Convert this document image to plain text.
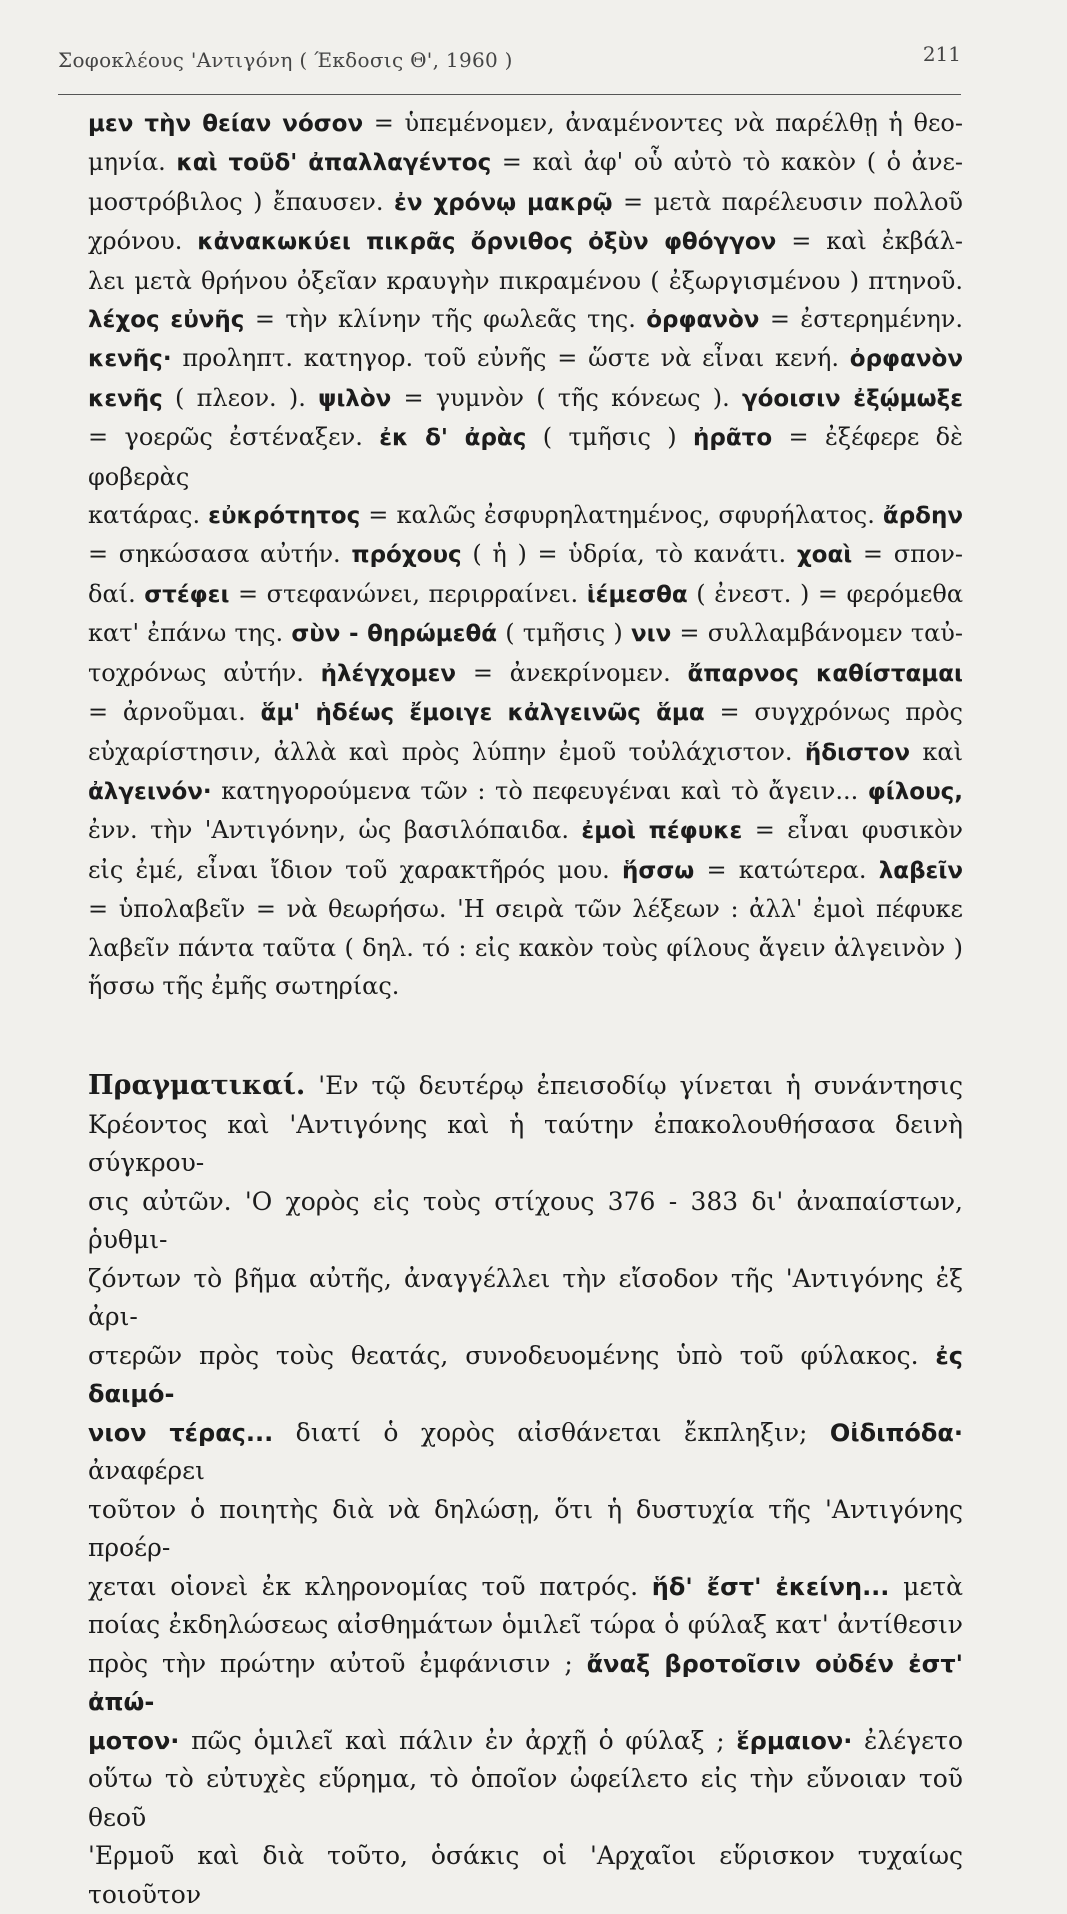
Σοφοκλέους 'Αντιγόνη ( Έκδοσις Θ', 1960 )	211

μεν τὴν θείαν νόσον = ὑπεμένομεν, ἀναμένοντες νὰ παρέλθῃ ἡ θεο-

μηνία. καὶ τοῦδ' ἀπαλλαγέντος = καὶ ἀφ' οὗ αὐτὸ τὸ κακὸν ( ὁ ἀνε-

μοστρόβιλος ) ἔπαυσεν. ἐν χρόνῳ μακρῷ = μετὰ παρέλευσιν πολλοῦ

χρόνου. κἀνακωκύει πικρᾶς ὄρνιθος ὀξὺν φθόγγον = καὶ ἐκβάλ-

λει μετὰ θρήνου ὀξεῖαν κραυγὴν πικραμένου ( ἐξωργισμένου ) πτηνοῦ.

λέχος εὐνῆς = τὴν κλίνην τῆς φωλεᾶς της. ὀρφανὸν = ἐστερημένην.

κενῆς· προληπτ. κατηγορ. τοῦ εὐνῆς = ὥστε νὰ εἶναι κενή. ὀρφανὸν

κενῆς ( πλεον. ). ψιλὸν = γυμνὸν ( τῆς κόνεως ). γόοισιν ἐξῴμωξε

= γοερῶς ἐστέναξεν. ἐκ δ' ἀρὰς ( τμῆσις ) ἠρᾶτο = ἐξέφερε δὲ φοβερὰς

κατάρας. εὐκρότητος = καλῶς ἐσφυρηλατημένος, σφυρήλατος. ἄρδην

= σηκώσασα αὐτήν. πρόχους ( ἡ ) = ὑδρία, τὸ κανάτι. χοαὶ = σπον-

δαί. στέφει = στεφανώνει, περιρραίνει. ἱέμεσθα ( ἐνεστ. ) = φερόμεθα

κατ' ἐπάνω της. σὺν - θηρώμεθά ( τμῆσις ) νιν = συλλαμβάνομεν ταὐ-

τοχρόνως αὐτήν. ἠλέγχομεν = ἀνεκρίνομεν. ἄπαρνος καθίσταμαι

= ἀρνοῦμαι. ἅμ' ἡδέως ἔμοιγε κἀλγεινῶς ἅμα = συγχρόνως πρὸς

εὐχαρίστησιν, ἀλλὰ καὶ πρὸς λύπην ἐμοῦ τοὐλάχιστον. ἥδιστον καὶ

ἀλγεινόν· κατηγορούμενα τῶν : τὸ πεφευγέναι καὶ τὸ ἄγειν... φίλους,

ἐνν. τὴν 'Αντιγόνην, ὡς βασιλόπαιδα. ἐμοὶ πέφυκε = εἶναι φυσικὸν

εἰς ἐμέ, εἶναι ἴδιον τοῦ χαρακτῆρός μου. ἥσσω = κατώτερα. λαβεῖν

= ὑπολαβεῖν = νὰ θεωρήσω. 'Η σειρὰ τῶν λέξεων : ἀλλ' ἐμοὶ πέφυκε

λαβεῖν πάντα ταῦτα ( δηλ. τό : εἰς κακὸν τοὺς φίλους ἄγειν ἀλγεινὸν )

ἥσσω τῆς ἐμῆς σωτηρίας.

Πραγματικαί. 'Εν τῷ δευτέρῳ ἐπεισοδίῳ γίνεται ἡ συνάντησις

Κρέοντος καὶ 'Αντιγόνης καὶ ἡ ταύτην ἐπακολουθήσασα δεινὴ σύγκρου-

σις αὐτῶν. 'Ο χορὸς εἰς τοὺς στίχους 376 - 383 δι' ἀναπαίστων, ῥυθμι-

ζόντων τὸ βῆμα αὐτῆς, ἀναγγέλλει τὴν εἴσοδον τῆς 'Αντιγόνης ἐξ ἀρι-

στερῶν πρὸς τοὺς θεατάς, συνοδευομένης ὑπὸ τοῦ φύλακος. ἐς δαιμό-

νιον τέρας... διατί ὁ χορὸς αἰσθάνεται ἔκπληξιν; Οἰδιπόδα· ἀναφέρει

τοῦτον ὁ ποιητὴς διὰ νὰ δηλώσῃ, ὅτι ἡ δυστυχία τῆς 'Αντιγόνης προέρ-

χεται οἱονεὶ ἐκ κληρονομίας τοῦ πατρός. ἥδ' ἔστ' ἐκείνη... μετὰ

ποίας ἐκδηλώσεως αἰσθημάτων ὁμιλεῖ τώρα ὁ φύλαξ κατ' ἀντίθεσιν

πρὸς τὴν πρώτην αὐτοῦ ἐμφάνισιν ; ἄναξ βροτοῖσιν οὐδέν ἐστ' ἀπώ-

μοτον· πῶς ὁμιλεῖ καὶ πάλιν ἐν ἀρχῇ ὁ φύλαξ ; ἕρμαιον· ἐλέγετο

οὕτω τὸ εὐτυχὲς εὕρημα, τὸ ὁποῖον ὠφείλετο εἰς τὴν εὔνοιαν τοῦ θεοῦ

'Ερμοῦ καὶ διὰ τοῦτο, ὁσάκις οἱ 'Αρχαῖοι εὕρισκον τυχαίως τοιοῦτον
